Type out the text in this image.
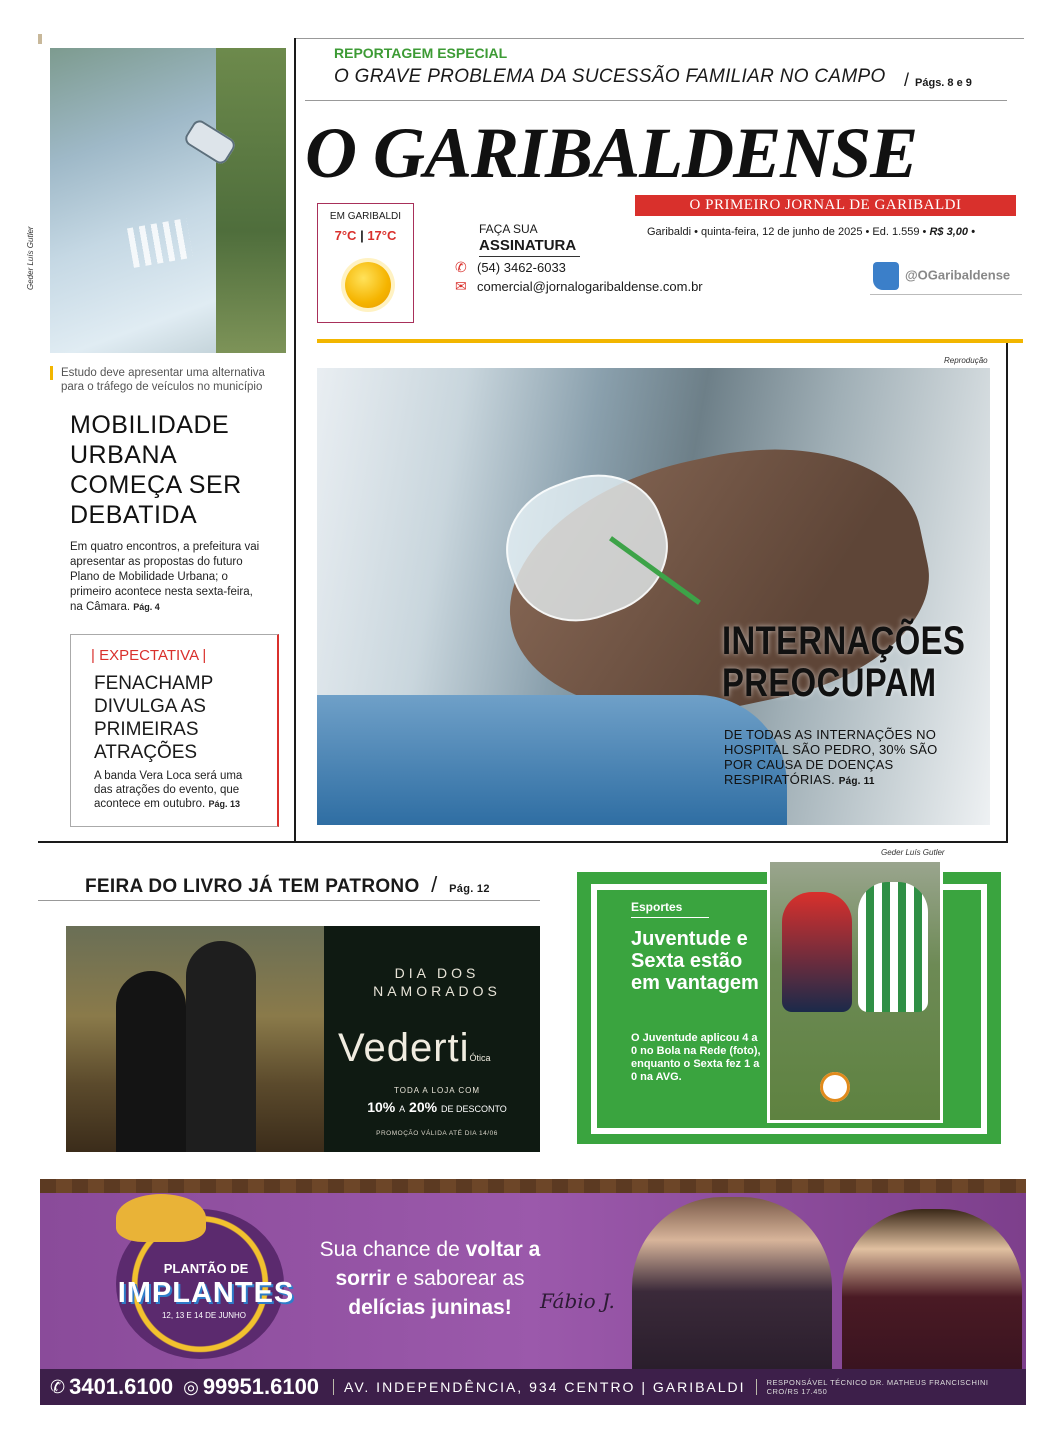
Geder Luís Gutler
REPORTAGEM ESPECIAL
O GRAVE PROBLEMA DA SUCESSÃO FAMILIAR NO CAMPO / Págs. 8 e 9
O GARIBALDENSE
O PRIMEIRO JORNAL DE GARIBALDI
Garibaldi • quinta-feira, 12 de junho de 2025 • Ed. 1.559 • R$ 3,00 •
EM GARIBALDI
7°C | 17°C	FAÇA SUA
ASSINATURA
✆ (54) 3462-6033
✉ comercial@jornalogaribaldense.com.br
@OGaribaldense
Reprodução
INTERNAÇÕES
PREOCUPAM
DE TODAS AS INTERNAÇÕES NO HOSPITAL SÃO PEDRO, 30% SÃO POR CAUSA DE DOENÇAS RESPIRATÓRIAS. Pág. 11
Estudo deve apresentar uma alternativa para o tráfego de veículos no município
MOBILIDADE URBANA COMEÇA SER DEBATIDA
Em quatro encontros, a prefeitura vai apresentar as propostas do futuro Plano de Mobilidade Urbana; o primeiro acontece nesta sexta-feira, na Câmara. Pág. 4
| EXPECTATIVA |
FENACHAMP DIVULGA AS PRIMEIRAS ATRAÇÕES
A banda Vera Loca será uma das atrações do evento, que acontece em outubro. Pág. 13
FEIRA DO LIVRO JÁ TEM PATRONO / Pág. 12
DIA DOS
NAMORADOS
VedertiÓtica
TODA A LOJA COM
10% A 20% DE DESCONTO
PROMOÇÃO VÁLIDA ATÉ DIA 14/06
Geder Luís Gutler
Esportes
Juventude e Sexta estão em vantagem
O Juventude aplicou 4 a 0 no Bola na Rede (foto), enquanto o Sexta fez 1 a 0 na AVG.
PLANTÃO DE
IMPLANTES
12, 13 E 14 DE JUNHO
Sua chance de voltar a
sorrir e saborear as
delícias juninas!	Fábio J.
✆ 3401.6100 ◎ 99951.6100	AV. INDEPENDÊNCIA, 934 CENTRO | GARIBALDI	RESPONSÁVEL TÉCNICO DR. MATHEUS FRANCISCHINI
CRO/RS 17.450
